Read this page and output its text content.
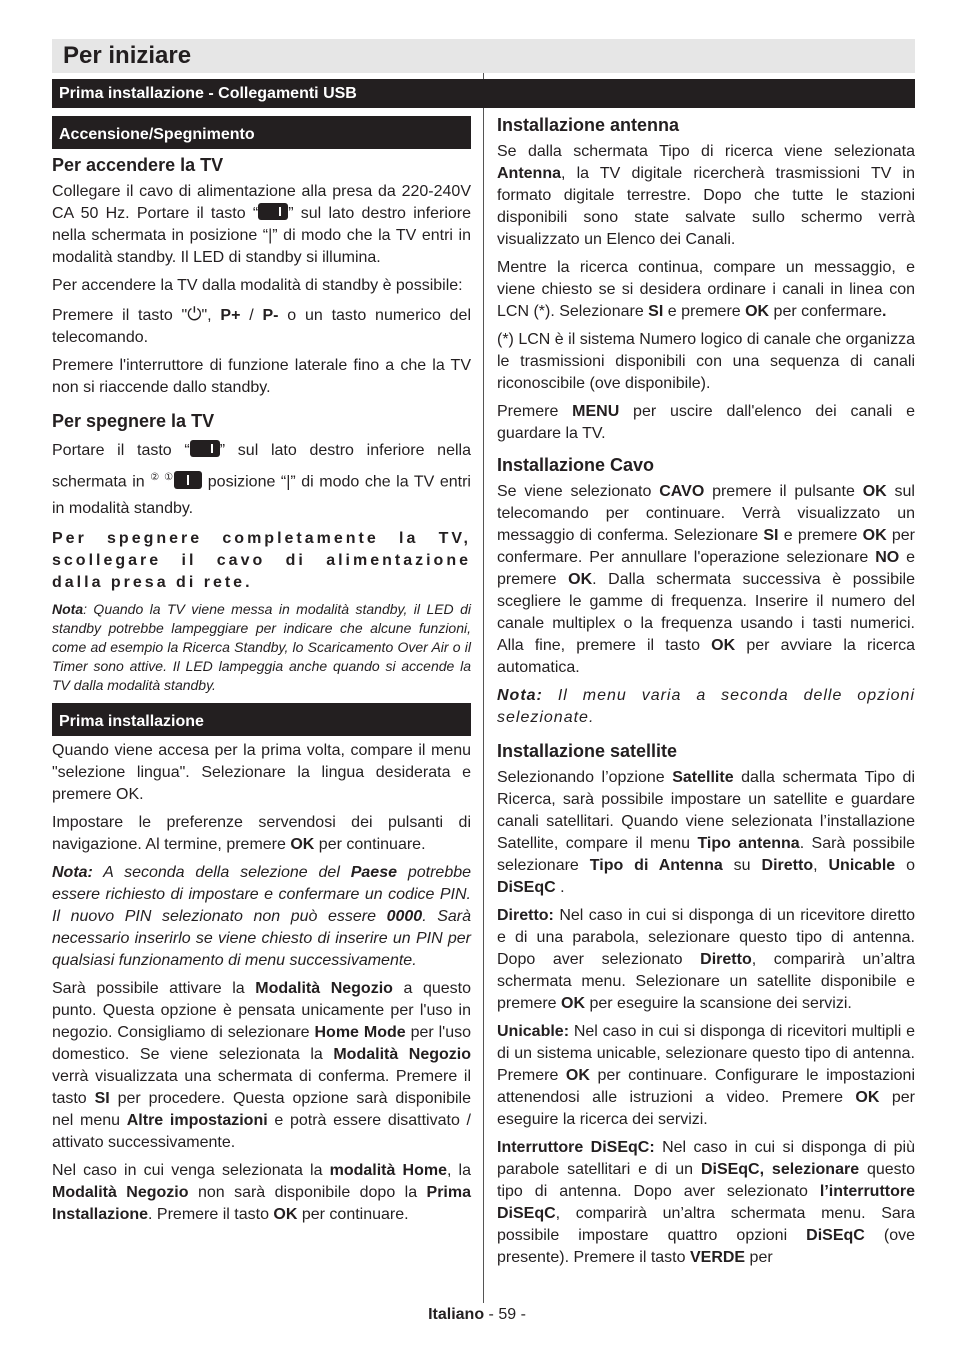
Per iniziare
Prima installazione - Collegamenti USB
Accensione/Spegnimento
Per accendere la TV

Collegare il cavo di alimentazione alla presa da 220-240V CA 50 Hz. Portare il tasto “ ” sul lato destro inferiore nella schermata in posizione “|” di modo che la TV entri in modalità standby. Il LED di standby si illumina.

Per accendere la TV dalla modalità di standby è possibile:

Premere il tasto "⏻", P+ / P- o un tasto numerico del telecomando.

Premere l'interruttore di funzione laterale fino a che la TV non si riaccende dallo standby.

Per spegnere la TV

Portare il tasto “ ” sul lato destro inferiore nella schermata in ② ① posizione “|” di modo che la TV entri in modalità standby.

Per spegnere completamente la TV, scollegare il cavo di alimentazione dalla presa di rete.

Nota: Quando la TV viene messa in modalità standby, il LED di standby potrebbe lampeggiare per indicare che alcune funzioni, come ad esempio la Ricerca Standby, lo Scaricamento Over Air o il Timer sono attive. Il LED lampeggia anche quando si accende la TV dalla modalità standby.

Prima installazione

Quando viene accesa per la prima volta, compare il menu "selezione lingua". Selezionare la lingua desiderata e premere OK.

Impostare le preferenze servendosi dei pulsanti di navigazione. Al termine, premere OK per continuare.

Nota: A seconda della selezione del Paese potrebbe essere richiesto di impostare e confermare un codice PIN. Il nuovo PIN selezionato non può essere 0000. Sarà necessario inserirlo se viene chiesto di inserire un PIN per qualsiasi funzionamento di menu successivamente.

Sarà possibile attivare la Modalità Negozio a questo punto. Questa opzione è pensata unicamente per l'uso in negozio. Consigliamo di selezionare Home Mode per l'uso domestico. Se viene selezionata la Modalità Negozio verrà visualizzata una schermata di conferma. Premere il tasto SI per procedere. Questa opzione sarà disponibile nel menu Altre impostazioni e potrà essere disattivato / attivato successivamente.

Nel caso in cui venga selezionata la modalità Home, la Modalità Negozio non sarà disponibile dopo la Prima Installazione. Premere il tasto OK per continuare.

Installazione antenna

Se dalla schermata Tipo di ricerca viene selezionata Antenna, la TV digitale ricercherà trasmissioni TV in formato digitale terrestre. Dopo che tutte le stazioni disponibili sono state salvate sullo schermo verrà visualizzato un Elenco dei Canali.

Mentre la ricerca continua, compare un messaggio, e viene chiesto se si desidera ordinare i canali in linea con LCN (*). Selezionare SI e premere OK per confermare.

(*) LCN è il sistema Numero logico di canale che organizza le trasmissioni disponibili con una sequenza di canali riconoscibile (ove disponibile).

Premere MENU per uscire dall'elenco dei canali e guardare la TV.

Installazione Cavo

Se viene selezionato CAVO premere il pulsante OK sul telecomando per continuare. Verrà visualizzato un messaggio di conferma. Selezionare SI e premere OK per confermare. Per annullare l'operazione selezionare NO e premere OK. Dalla schermata successiva è possibile scegliere le gamme di frequenza. Inserire il numero del canale multiplex o la frequenza usando i tasti numerici. Alla fine, premere il tasto OK per avviare la ricerca automatica.

Nota: Il menu varia a seconda delle opzioni selezionate.

Installazione satellite

Selezionando l’opzione Satellite dalla schermata Tipo di Ricerca, sarà possibile impostare un satellite e guardare canali satellitari. Quando viene selezionata l’installazione Satellite, compare il menu Tipo antenna. Sarà possibile selezionare Tipo di Antenna su Diretto, Unicable o DiSEqC .

Diretto: Nel caso in cui si disponga di un ricevitore diretto e di una parabola, selezionare questo tipo di antenna. Dopo aver selezionato Diretto, comparirà un’altra schermata menu. Selezionare un satellite disponibile e premere OK per eseguire la scansione dei servizi.

Unicable: Nel caso in cui si disponga di ricevitori multipli e di un sistema unicable, selezionare questo tipo di antenna. Premere OK per continuare. Configurare le impostazioni attenendosi alle istruzioni a video. Premere OK per eseguire la ricerca dei servizi.

Interruttore DiSEqC: Nel caso in cui si disponga di più parabole satellitari e di un DiSEqC, selezionare questo tipo di antenna. Dopo aver selezionato l’interruttore DiSEqC, comparirà un’altra schermata menu. Sara possibile impostare quattro opzioni DiSEqC (ove presente). Premere il tasto VERDE per

Italiano - 59 -
